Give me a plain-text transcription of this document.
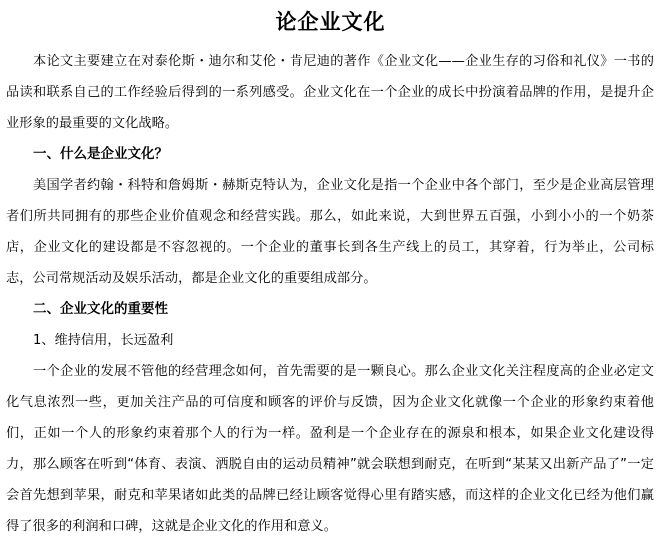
论企业文化

本论文主要建立在对泰伦斯・迪尔和艾伦・肯尼迪的著作《企业文化——企业生存的习俗和礼仪》一书的品读和联系自己的工作经验后得到的一系列感受。企业文化在一个企业的成长中扮演着品牌的作用，是提升企业形象的最重要的文化战略。

一、什么是企业文化？

美国学者约翰・科特和詹姆斯・赫斯克特认为，企业文化是指一个企业中各个部门，至少是企业高层管理者们所共同拥有的那些企业价值观念和经营实践。那么，如此来说，大到世界五百强，小到小小的一个奶茶店，企业文化的建设都是不容忽视的。一个企业的董事长到各生产线上的员工，其穿着，行为举止，公司标志，公司常规活动及娱乐活动，都是企业文化的重要组成部分。

二、企业文化的重要性

1、维持信用，长远盈利

一个企业的发展不管他的经营理念如何，首先需要的是一颗良心。那么企业文化关注程度高的企业必定文化气息浓烈一些，更加关注产品的可信度和顾客的评价与反馈，因为企业文化就像一个企业的形象约束着他们，正如一个人的形象约束着那个人的行为一样。盈利是一个企业存在的源泉和根本，如果企业文化建设得力，那么顾客在听到“体育、表演、洒脱自由的运动员精神”就会联想到耐克，在听到“某某又出新产品了”一定会首先想到苹果，耐克和苹果诸如此类的品牌已经让顾客觉得心里有踏实感，而这样的企业文化已经为他们赢得了很多的利润和口碑，这就是企业文化的作用和意义。
